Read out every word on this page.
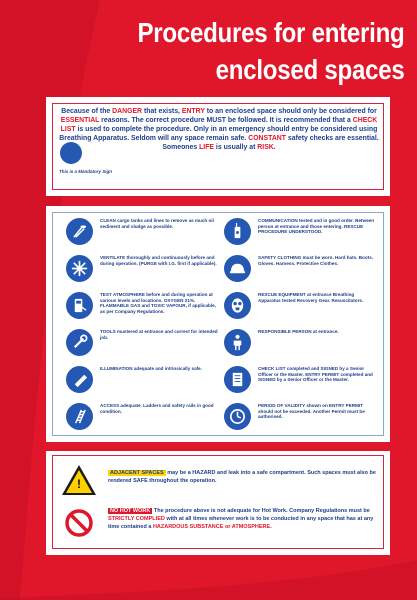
Procedures for entering
enclosed spaces
Because of the DANGER that exists, ENTRY to an enclosed space should only be considered for ESSENTIAL reasons. The correct procedure MUST be followed. It is recommended that a CHECK LIST is used to complete the procedure. Only in an emergency should entry be considered using Breathing Apparatus. Seldom will any space remain safe. CONSTANT safety checks are essential. Someones LIFE is usually at RISK.
This is a Mandatory Sign
CLEAN cargo tanks and lines to remove as much oil sediment and sludge as possible.
VENTILATE thoroughly and continuously before and during operation. (PURGE with I.G. first if applicable).
TEST ATMOSPHERE before and during operation at various levels and locations. OXYGEN 21%. FLAMMABLE GAS and TOXIC VAPOUR, if applicable, as per Company Regulations.
TOOLS mustered at entrance and correct for intended job.
ILLUMINATION adequate and intrinsically safe.
ACCESS adequate. Ladders and safety rails in good condition.
COMMUNICATION tested and in good order. Between person at entrance and those entering. RESCUE PROCEDURE UNDERSTOOD.
SAFETY CLOTHING must be worn. Hard hats. Boots. Gloves. Harness. Protective Clothes.
RESCUE EQUIPMENT at entrance Breathing Apparatus tested Recovery Gear. Resuscitators.
RESPONSIBLE PERSON at entrance.
CHECK LIST completed and SIGNED by a Senior Officer or the Master. ENTRY PERMIT completed and SIGNED by a Senior Officer or the Master.
PERIOD OF VALIDITY shown on ENTRY PERMIT should not be exceeded. Another Permit must be authorised.
!
ADJACENT SPACES may be a HAZARD and leak into a safe compartment. Such spaces must also be rendered SAFE throughout the operation.
NO HOT WORK The procedure above is not adequate for Hot Work. Company Regulations must be STRICTLY COMPLIED with at all times whenever work is to be conducted in any space that has at any time contained a HAZARDOUS SUBSTANCE or ATMOSPHERE.
